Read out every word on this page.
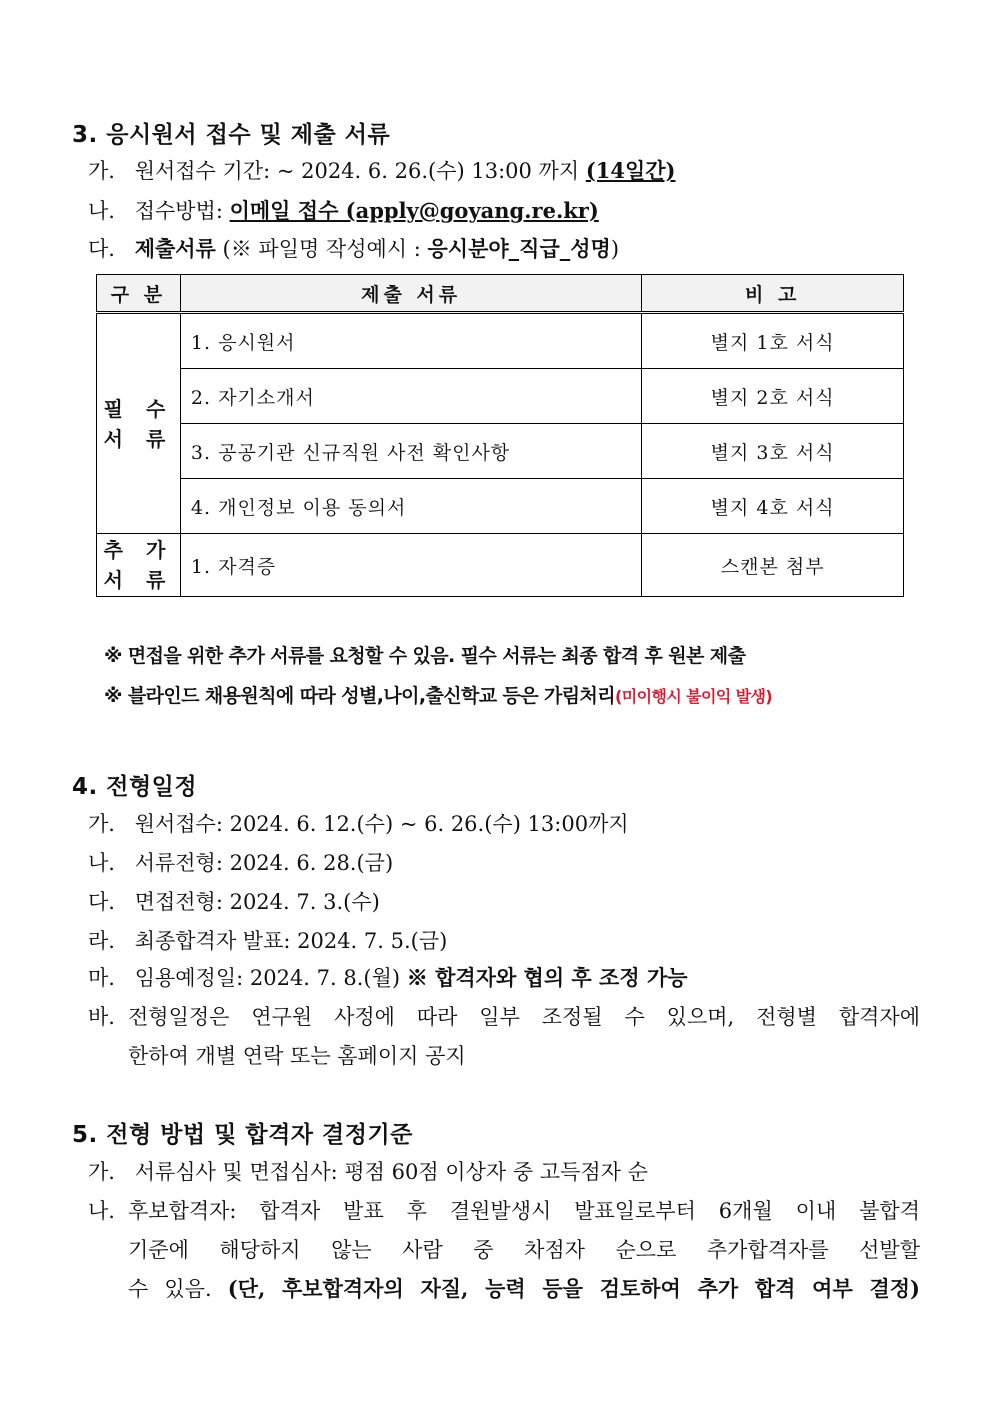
3. 응시원서 접수 및 제출 서류
가. 원서접수 기간: ~ 2024. 6. 26.(수) 13:00 까지 (14일간)
나. 접수방법: 이메일 접수 (apply@goyang.re.kr)
다. 제출서류 (※ 파일명 작성예시 : 응시분야_직급_성명)
구 분	제출 서류	비 고

필 수
서 류	1. 응시원서	별지 1호 서식
	2. 자기소개서	별지 2호 서식
	3. 공공기관 신규직원 사전 확인사항	별지 3호 서식
	4. 개인정보 이용 동의서	별지 4호 서식

추 가
서 류	1. 자격증	스캔본 첨부
※ 면접을 위한 추가 서류를 요청할 수 있음. 필수 서류는 최종 합격 후 원본 제출
※ 블라인드 채용원칙에 따라 성별,나이,출신학교 등은 가림처리(미이행시 불이익 발생)
4. 전형일정
가. 원서접수: 2024. 6. 12.(수) ~ 6. 26.(수) 13:00까지
나. 서류전형: 2024. 6. 28.(금)
다. 면접전형: 2024. 7. 3.(수)
라. 최종합격자 발표: 2024. 7. 5.(금)
마. 임용예정일: 2024. 7. 8.(월) ※ 합격자와 협의 후 조정 가능
바. 전형일정은 연구원 사정에 따라 일부 조정될 수 있으며, 전형별 합격자에
한하여 개별 연락 또는 홈페이지 공지
5. 전형 방법 및 합격자 결정기준
가. 서류심사 및 면접심사: 평점 60점 이상자 중 고득점자 순
나. 후보합격자: 합격자 발표 후 결원발생시 발표일로부터 6개월 이내 불합격
기준에 해당하지 않는 사람 중 차점자 순으로 추가합격자를 선발할
수 있음. (단, 후보합격자의 자질, 능력 등을 검토하여 추가 합격 여부 결정)
